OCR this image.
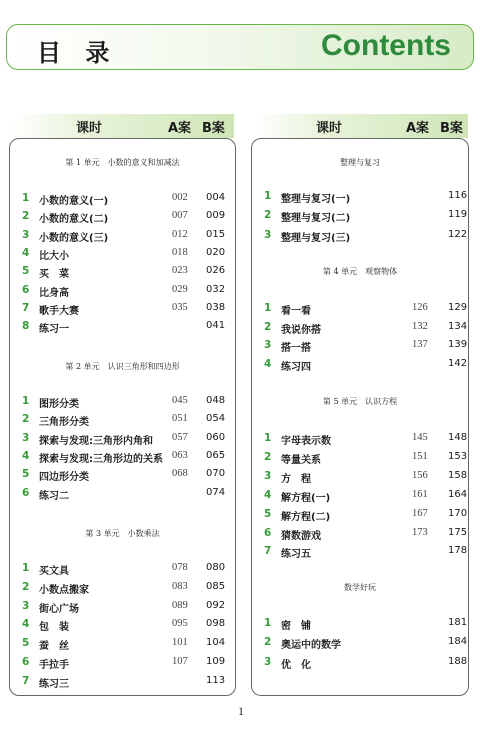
目 录	Contents
课时	A案 B案	课时	A案 B案
第 1 单元　小数的意义和加减法
1 小数的意义(一)	002 004
2 小数的意义(二)	007 009
3 小数的意义(三)	012 015
4 比大小	018 020
5 买　菜	023 026
6 比身高	029 032
7 歌手大赛	035 038
8 练习一	041
第 2 单元　认识三角形和四边形
1 图形分类	045 048
2 三角形分类	051 054
3 探索与发现:三角形内角和 057 060
4 探索与发现:三角形边的关系 063 065
5 四边形分类	068 070
6 练习二	074
第 3 单元　小数乘法
1 买文具	078 080
2 小数点搬家	083 085
3 街心广场	089 092
4 包　装	095 098
5 蚕　丝	101 104
6 手拉手	107 109
7 练习三	113
整理与复习
1 整理与复习(一)	116
2 整理与复习(二)	119
3 整理与复习(三)	122
第 4 单元　观察物体
1 看一看	126 129
2 我说你搭	132 134
3 搭一搭	137 139
4 练习四	142
第 5 单元　认识方程
1 字母表示数	145 148
2 等量关系	151 153
3 方　程	156 158
4 解方程(一)	161 164
5 解方程(二)	167 170
6 猜数游戏	173 175
7 练习五	178
数学好玩
1 密　铺	181
2 奥运中的数学	184
3 优　化	188
1
